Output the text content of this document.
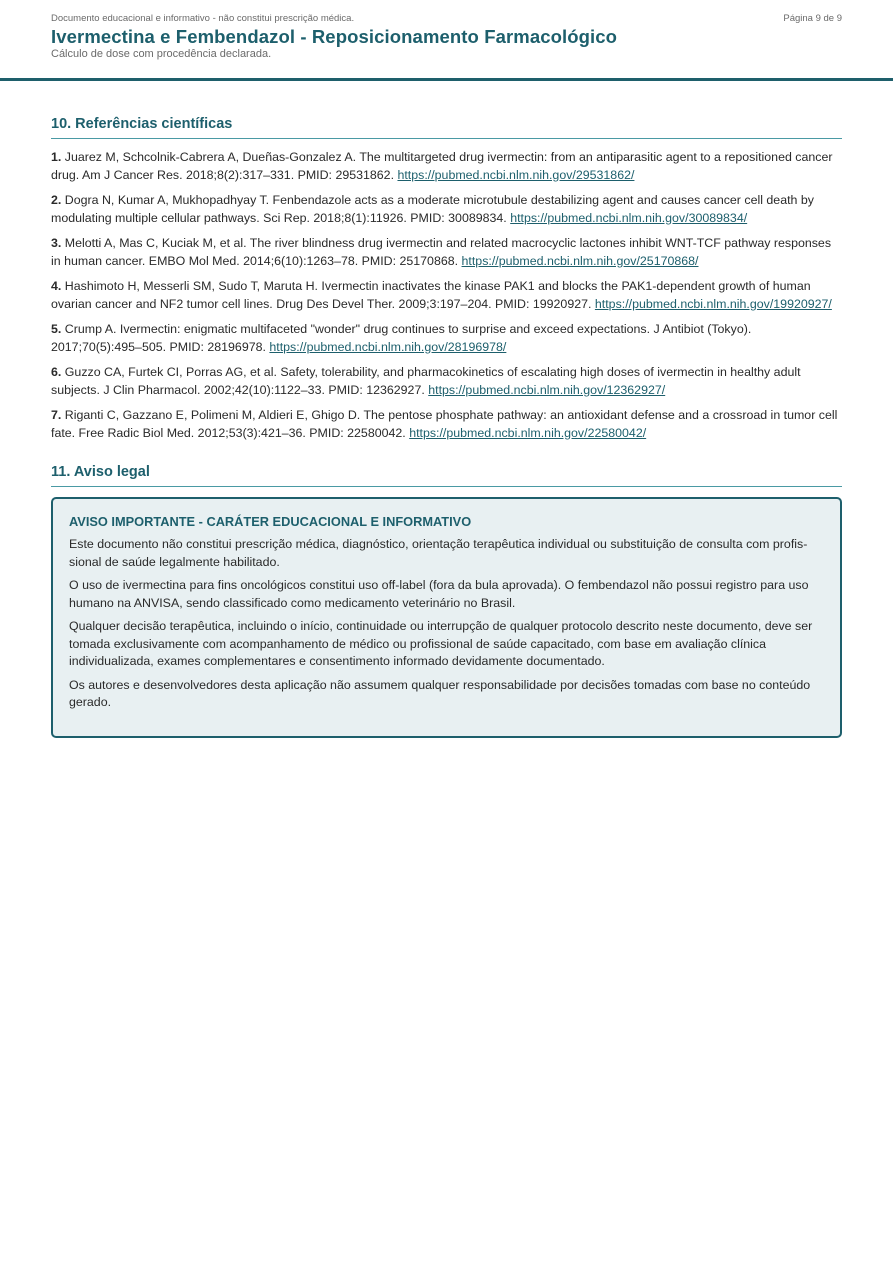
Documento educacional e informativo - não constitui prescrição médica.	Página 9 de 9
Ivermectina e Fembendazol - Reposicionamento Farmacológico
Cálculo de dose com procedência declarada.
10. Referências científicas

1. Juarez M, Schcolnik-Cabrera A, Dueñas-Gonzalez A. The multitargeted drug ivermectin: from an antiparasitic agent to a repositioned cancer drug. Am J Cancer Res. 2018;8(2):317–331. PMID: 29531862. https://pubmed.ncbi.nlm.nih.gov/29531862/

2. Dogra N, Kumar A, Mukhopadhyay T. Fenbendazole acts as a moderate microtubule destabilizing agent and causes cancer cell death by modulating multiple cellular pathways. Sci Rep. 2018;8(1):11926. PMID: 30089834. https://pubmed.ncbi.nlm.nih.gov/30089834/

3. Melotti A, Mas C, Kuciak M, et al. The river blindness drug ivermectin and related macrocyclic lactones inhibit WNT-TCF pathway responses in human cancer. EMBO Mol Med. 2014;6(10):1263–78. PMID: 25170868. https://pubmed.ncbi.nlm.nih.gov/25170868/

4. Hashimoto H, Messerli SM, Sudo T, Maruta H. Ivermectin inactivates the kinase PAK1 and blocks the PAK1-dependent growth of human ovarian cancer and NF2 tumor cell lines. Drug Des Devel Ther. 2009;3:197–204. PMID: 19920927. https://pubmed.ncbi.nlm.nih.gov/19920927/

5. Crump A. Ivermectin: enigmatic multifaceted "wonder" drug continues to surprise and exceed expectations. J Antibiot (Tokyo). 2017;70(5):495–505. PMID: 28196978. https://pubmed.ncbi.nlm.nih.gov/28196978/

6. Guzzo CA, Furtek CI, Porras AG, et al. Safety, tolerability, and pharmacokinetics of escalating high doses of ivermectin in healthy adult subjects. J Clin Pharmacol. 2002;42(10):1122–33. PMID: 12362927. https://pubmed.ncbi.nlm.nih.gov/12362927/

7. Riganti C, Gazzano E, Polimeni M, Aldieri E, Ghigo D. The pentose phosphate pathway: an antioxidant defense and a crossroad in tumor cell fate. Free Radic Biol Med. 2012;53(3):421–36. PMID: 22580042. https://pubmed.ncbi.nlm.nih.gov/22580042/

11. Aviso legal
AVISO IMPORTANTE - CARÁTER EDUCACIONAL E INFORMATIVO

Este documento não constitui prescrição médica, diagnóstico, orientação terapêutica individual ou substituição de consulta com profissional de saúde legalmente habilitado.

O uso de ivermectina para fins oncológicos constitui uso off-label (fora da bula aprovada). O fembendazol não possui registro para uso humano na ANVISA, sendo classificado como medicamento veterinário no Brasil.

Qualquer decisão terapêutica, incluindo o início, continuidade ou interrupção de qualquer protocolo descrito neste documento, deve ser tomada exclusivamente com acompanhamento de médico ou profissional de saúde capacitado, com base em avaliação clínica individualizada, exames complementares e consentimento informado devidamente documentado.

Os autores e desenvolvedores desta aplicação não assumem qualquer responsabilidade por decisões tomadas com base no conteúdo gerado.
